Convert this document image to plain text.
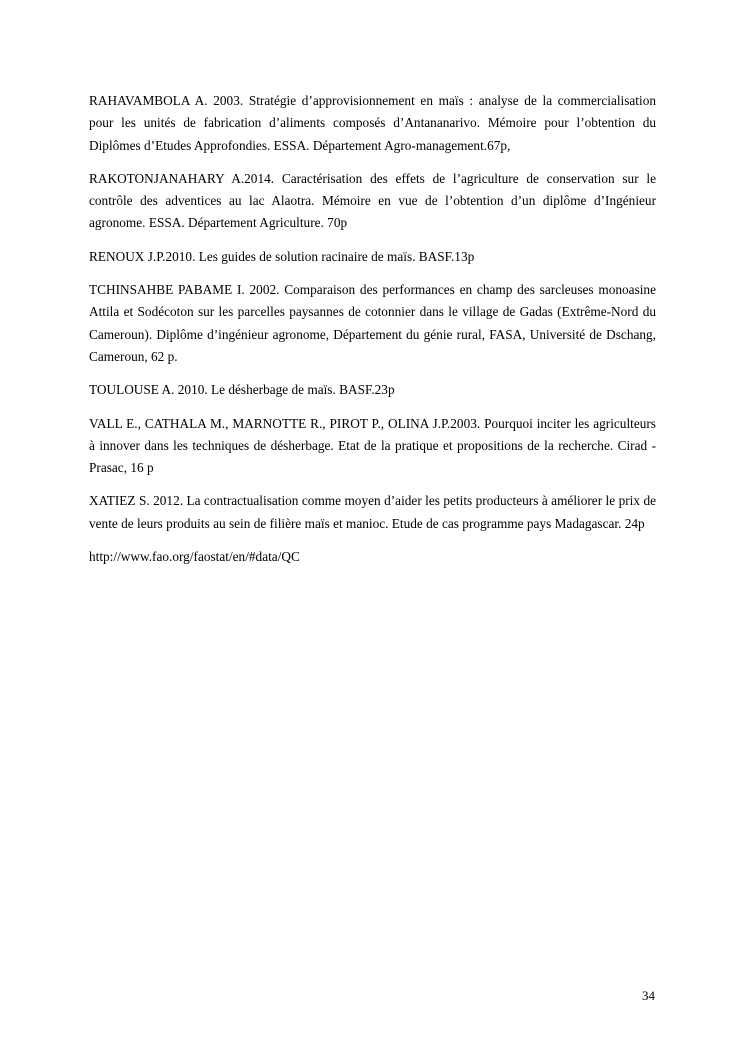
RAHAVAMBOLA A. 2003. Stratégie d’approvisionnement en maïs : analyse de la commercialisation pour les unités de fabrication d’aliments composés d’Antananarivo. Mémoire pour l’obtention du Diplômes d’Etudes Approfondies. ESSA. Département Agro-management.67p,

RAKOTONJANAHARY A.2014. Caractérisation des effets de l’agriculture de conservation sur le contrôle des adventices au lac Alaotra. Mémoire en vue de l’obtention d’un diplôme d’Ingénieur agronome. ESSA. Département Agriculture. 70p

RENOUX J.P.2010. Les guides de solution racinaire de maïs. BASF.13p

TCHINSAHBE PABAME I. 2002. Comparaison des performances en champ des sarcleuses monoasine Attila et Sodécoton sur les parcelles paysannes de cotonnier dans le village de Gadas (Extrême-Nord du Cameroun). Diplôme d’ingénieur agronome, Département du génie rural, FASA, Université de Dschang, Cameroun, 62 p.

TOULOUSE A. 2010. Le désherbage de maïs. BASF.23p

VALL E., CATHALA M., MARNOTTE R., PIROT P., OLINA J.P.2003. Pourquoi inciter les agriculteurs à innover dans les techniques de désherbage. Etat de la pratique et propositions de la recherche. Cirad - Prasac, 16 p

XATIEZ S. 2012. La contractualisation comme moyen d’aider les petits producteurs à améliorer le prix de vente de leurs produits au sein de filière maïs et manioc. Etude de cas programme pays Madagascar. 24p

http://www.fao.org/faostat/en/#data/QC

34
